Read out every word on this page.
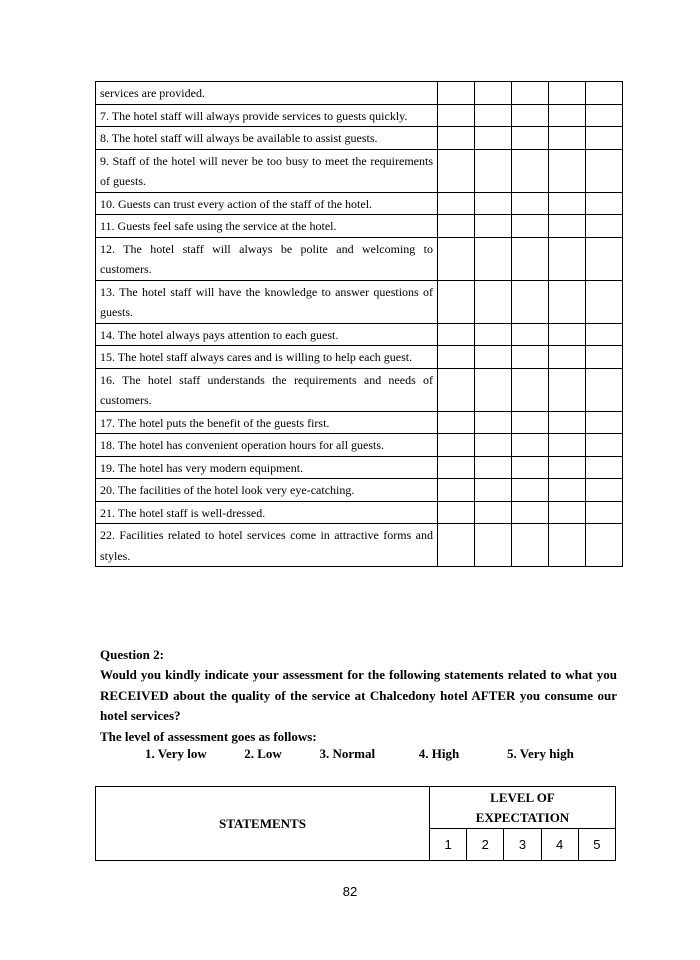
services are provided.					
7. The hotel staff will always provide services to guests quickly.					
8. The hotel staff will always be available to assist guests.					
9. Staff of the hotel will never be too busy to meet the requirements of guests.					
10. Guests can trust every action of the staff of the hotel.					
11. Guests feel safe using the service at the hotel.					
12. The hotel staff will always be polite and welcoming to customers.					
13. The hotel staff will have the knowledge to answer questions of guests.					
14. The hotel always pays attention to each guest.					
15. The hotel staff always cares and is willing to help each guest.					
16. The hotel staff understands the requirements and needs of customers.					
17. The hotel puts the benefit of the guests first.					
18. The hotel has convenient operation hours for all guests.					
19. The hotel has very modern equipment.					
20. The facilities of the hotel look very eye-catching.					
21. The hotel staff is well-dressed.					
22. Facilities related to hotel services come in attractive forms and styles.					

Question 2:

Would you kindly indicate your assessment for the following statements related to what you RECEIVED about the quality of the service at Chalcedony hotel AFTER you consume our hotel services?

The level of assessment goes as follows:

1. Very low	2. Low	3. Normal	4. High	5. Very high
STATEMENTS	LEVEL OF
EXPECTATION				
	1	2	3	4	5
82
